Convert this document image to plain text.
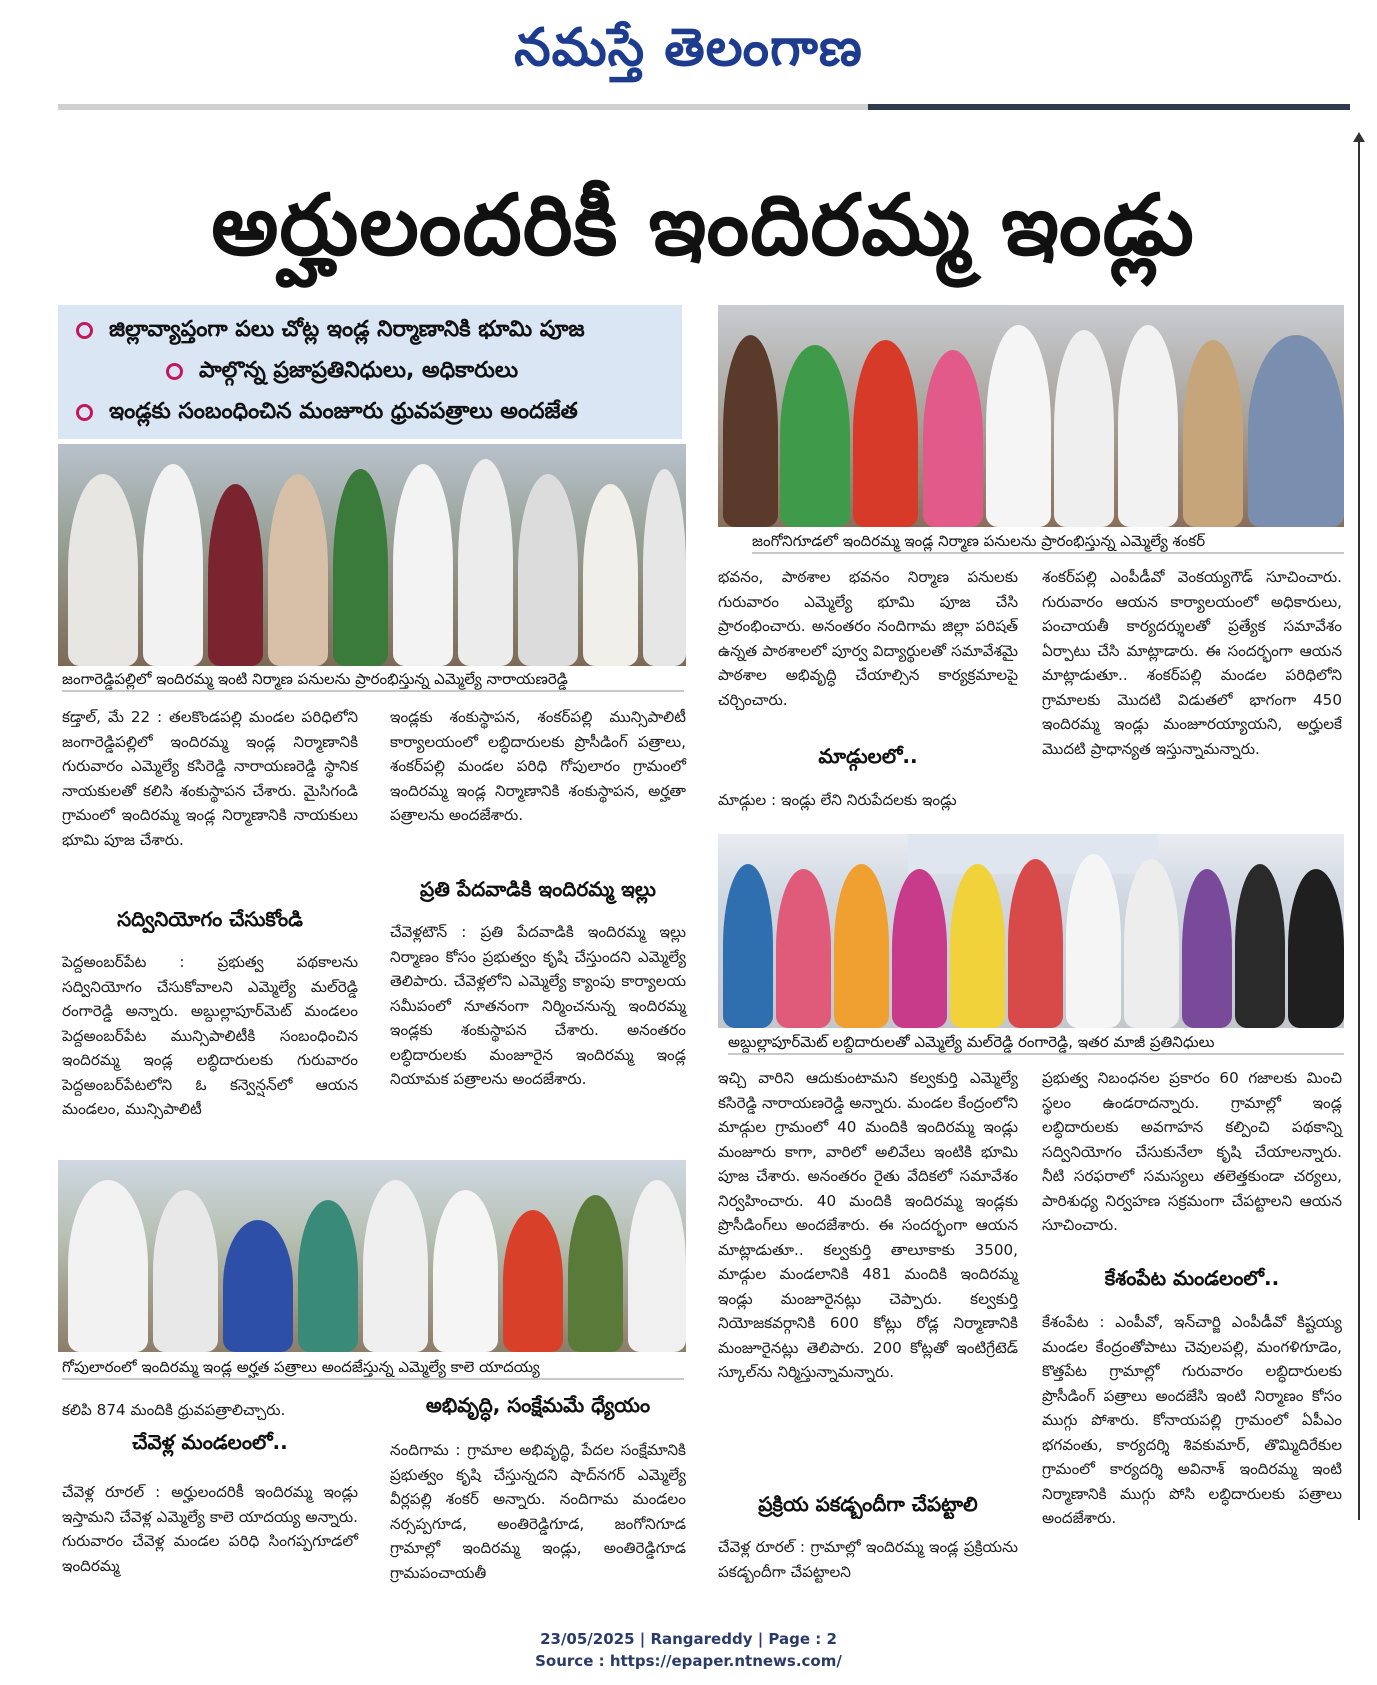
నమస్తే తెలంగాణ
అర్హులందరికీ ఇందిరమ్మ ఇండ్లు
జిల్లావ్యాప్తంగా పలు చోట్ల ఇండ్ల నిర్మాణానికి భూమి పూజ
పాల్గొన్న ప్రజాప్రతినిధులు, అధికారులు
ఇండ్లకు సంబంధించిన మంజూరు ధ్రువపత్రాలు అందజేత
జంగారెడ్డిపల్లిలో ఇందిరమ్మ ఇంటి నిర్మాణ పనులను ప్రారంభిస్తున్న ఎమ్మెల్యే నారాయణరెడ్డి
జంగోనిగూడలో ఇందిరమ్మ ఇండ్ల నిర్మాణ పనులను ప్రారంభిస్తున్న ఎమ్మెల్యే శంకర్

కడ్తాల్, మే 22 : తలకొండపల్లి మండల పరిధిలోని జంగారెడ్డిపల్లిలో ఇందిరమ్మ ఇండ్ల నిర్మాణానికి గురువారం ఎమ్మెల్యే కసిరెడ్డి నారాయణరెడ్డి స్థానిక నాయకులతో కలిసి శంకుస్థాపన చేశారు. మైసిగండి గ్రామంలో ఇందిరమ్మ ఇండ్ల నిర్మాణానికి నాయకులు భూమి పూజ చేశారు.

సద్వినియోగం చేసుకోండి

పెద్దఅంబర్‌పేట : ప్రభుత్వ పథకాలను సద్వినియోగం చేసుకోవాలని ఎమ్మెల్యే మల్‌రెడ్డి రంగారెడ్డి అన్నారు. అబ్దుల్లాపూర్‌మెట్ మండలం పెద్దఅంబర్‌పేట మున్సిపాలిటీకి సంబంధించిన ఇందిరమ్మ ఇండ్ల లబ్ధిదారులకు గురువారం పెద్దఅంబర్‌పేటలోని ఓ కన్వెన్షన్‌లో ఆయన మండలం, మున్సిపాలిటీ

ఇండ్లకు శంకుస్థాపన, శంకర్‌పల్లి మున్సిపాలిటీ కార్యాలయంలో లబ్ధిదారులకు ప్రొసీడింగ్ పత్రాలు, శంకర్‌పల్లి మండల పరిధి గోపులారం గ్రామంలో ఇందిరమ్మ ఇండ్ల నిర్మాణానికి శంకుస్థాపన, అర్హతా పత్రాలను అందజేశారు.

ప్రతి పేదవాడికి ఇందిరమ్మ ఇల్లు

చేవెళ్లటౌన్ : ప్రతి పేదవాడికి ఇందిరమ్మ ఇల్లు నిర్మాణం కోసం ప్రభుత్వం కృషి చేస్తుందని ఎమ్మెల్యే తెలిపారు. చేవెళ్లలోని ఎమ్మెల్యే క్యాంపు కార్యాలయ సమీపంలో నూతనంగా నిర్మించనున్న ఇందిరమ్మ ఇండ్లకు శంకుస్థాపన చేశారు. అనంతరం లబ్ధిదారులకు మంజూరైన ఇందిరమ్మ ఇండ్ల నియామక పత్రాలను అందజేశారు.

భవనం, పాఠశాల భవనం నిర్మాణ పనులకు గురువారం ఎమ్మెల్యే భూమి పూజ చేసి ప్రారంభించారు. అనంతరం నందిగామ జిల్లా పరిషత్ ఉన్నత పాఠశాలలో పూర్వ విద్యార్థులతో సమావేశమై పాఠశాల అభివృద్ధి చేయాల్సిన కార్యక్రమాలపై చర్చించారు.

మాడ్గులలో..

మాడ్గుల : ఇండ్లు లేని నిరుపేదలకు ఇండ్లు

శంకర్‌పల్లి ఎంపీడీవో వెంకయ్యగౌడ్ సూచించారు. గురువారం ఆయన కార్యాలయంలో అధికారులు, పంచాయతీ కార్యదర్శులతో ప్రత్యేక సమావేశం ఏర్పాటు చేసి మాట్లాడారు. ఈ సందర్భంగా ఆయన మాట్లాడుతూ.. శంకర్‌పల్లి మండల పరిధిలోని గ్రామాలకు మొదటి విడుతలో భాగంగా 450 ఇందిరమ్మ ఇండ్లు మంజూరయ్యాయని, అర్హులకే మొదటి ప్రాధాన్యత ఇస్తున్నామన్నారు.

అబ్దుల్లాపూర్‌మెట్ లబ్ధిదారులతో ఎమ్మెల్యే మల్‌రెడ్డి రంగారెడ్డి, ఇతర మాజీ ప్రతినిధులు

ఇచ్చి వారిని ఆదుకుంటామని కల్వకుర్తి ఎమ్మెల్యే కసిరెడ్డి నారాయణరెడ్డి అన్నారు. మండల కేంద్రంలోని మాడ్గుల గ్రామంలో 40 మందికి ఇందిరమ్మ ఇండ్లు మంజూరు కాగా, వారిలో అలివేలు ఇంటికి భూమి పూజ చేశారు. అనంతరం రైతు వేదికలో సమావేశం నిర్వహించారు. 40 మందికి ఇందిరమ్మ ఇండ్లకు ప్రొసీడింగ్‌లు అందజేశారు. ఈ సందర్భంగా ఆయన మాట్లాడుతూ.. కల్వకుర్తి తాలూకాకు 3500, మాడ్గుల మండలానికి 481 మందికి ఇందిరమ్మ ఇండ్లు మంజూరైనట్లు చెప్పారు. కల్వకుర్తి నియోజకవర్గానికి 600 కోట్లు రోడ్ల నిర్మాణానికి మంజూరైనట్లు తెలిపారు. 200 కోట్లతో ఇంటిగ్రేటెడ్ స్కూల్‌ను నిర్మిస్తున్నామన్నారు.

ప్రక్రియ పకడ్బందీగా చేపట్టాలి

చేవెళ్ల రూరల్ : గ్రామాల్లో ఇందిరమ్మ ఇండ్ల ప్రక్రియను పకడ్బందీగా చేపట్టాలని

ప్రభుత్వ నిబంధనల ప్రకారం 60 గజాలకు మించి స్థలం ఉండరాదన్నారు. గ్రామాల్లో ఇండ్ల లబ్ధిదారులకు అవగాహన కల్పించి పథకాన్ని సద్వినియోగం చేసుకునేలా కృషి చేయాలన్నారు. నీటి సరఫరాలో సమస్యలు తలెత్తకుండా చర్యలు, పారిశుధ్య నిర్వహణ సక్రమంగా చేపట్టాలని ఆయన సూచించారు.

కేశంపేట మండలంలో..

కేశంపేట : ఎంపీవో, ఇన్‌చార్జి ఎంపీడీవో కిష్టయ్య మండల కేంద్రంతోపాటు చెవులపల్లి, మంగళిగూడెం, కొత్తపేట గ్రామాల్లో గురువారం లబ్ధిదారులకు ప్రొసీడింగ్ పత్రాలు అందజేసి ఇంటి నిర్మాణం కోసం ముగ్గు పోశారు. కోనాయపల్లి గ్రామంలో ఏపీఎం భగవంతు, కార్యదర్శి శివకుమార్, తొమ్మిదిరేకుల గ్రామంలో కార్యదర్శి అవినాశ్ ఇందిరమ్మ ఇంటి నిర్మాణానికి ముగ్గు పోసి లబ్ధిదారులకు పత్రాలు అందజేశారు.

గోపులారంలో ఇందిరమ్మ ఇండ్ల అర్హత పత్రాలు అందజేస్తున్న ఎమ్మెల్యే కాలె యాదయ్య

కలిపి 874 మందికి ధ్రువపత్రాలిచ్చారు.

చేవెళ్ల మండలంలో..

చేవెళ్ల రూరల్ : అర్హులందరికీ ఇందిరమ్మ ఇండ్లు ఇస్తామని చేవెళ్ల ఎమ్మెల్యే కాలె యాదయ్య అన్నారు. గురువారం చేవెళ్ల మండల పరిధి సింగప్పగూడలో ఇందిరమ్మ

అభివృద్ధి, సంక్షేమమే ధ్యేయం

నందిగామ : గ్రామాల అభివృద్ధి, పేదల సంక్షేమానికి ప్రభుత్వం కృషి చేస్తున్నదని షాద్‌నగర్ ఎమ్మెల్యే వీర్లపల్లి శంకర్ అన్నారు. నందిగామ మండలం నర్సప్పగూడ, అంతిరెడ్డిగూడ, జంగోనిగూడ గ్రామాల్లో ఇందిరమ్మ ఇండ్లు, అంతిరెడ్డిగూడ గ్రామపంచాయతీ

23/05/2025 | Rangareddy | Page : 2
Source : https://epaper.ntnews.com/
